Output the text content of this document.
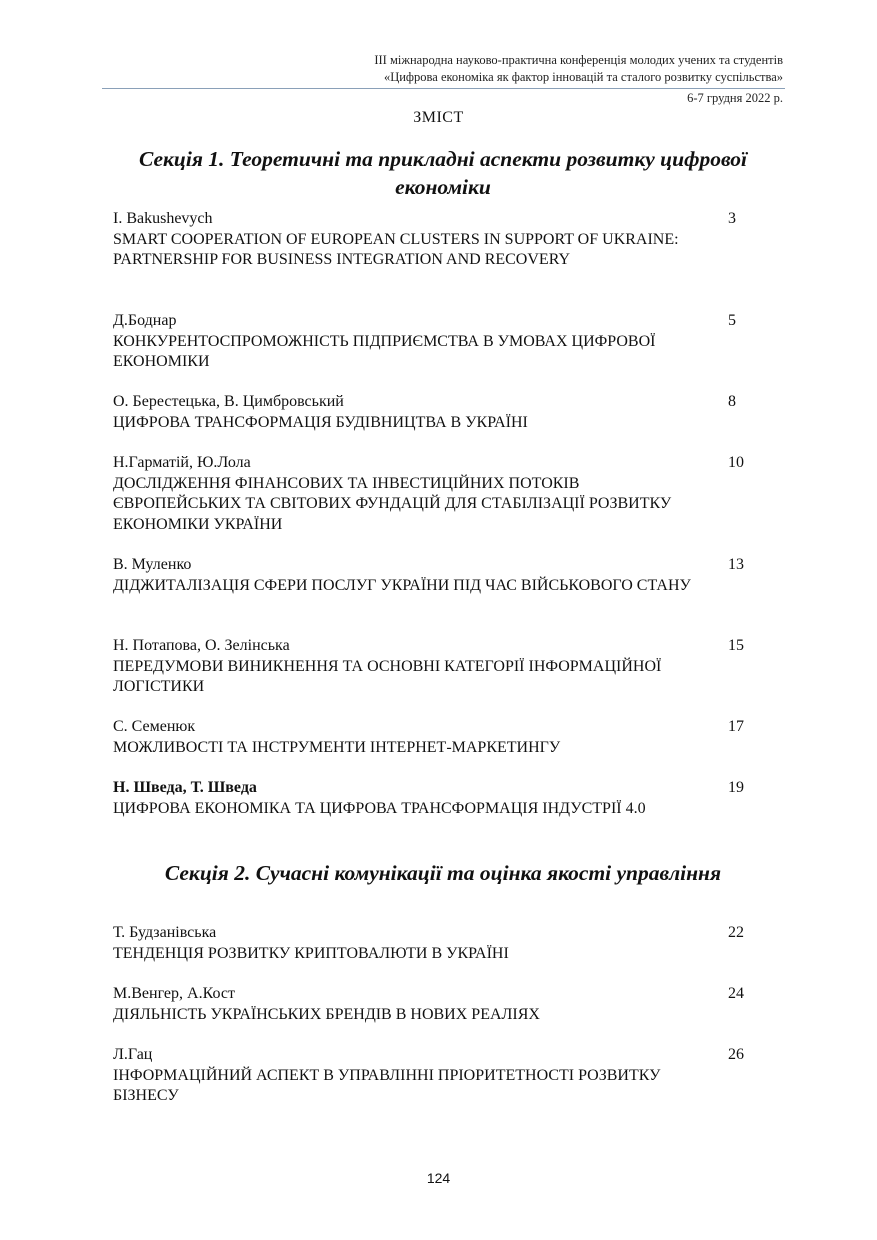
III міжнародна науково-практична конференція молодих учених та студентів
«Цифрова економіка як фактор інновацій та сталого розвитку суспільства»
6-7 грудня 2022 р.
ЗМІСТ
Секція 1. Теоретичні та прикладні аспекти розвитку цифрової
економіки
I. Bakushevych
SMART COOPERATION OF EUROPEAN CLUSTERS IN SUPPORT OF UKRAINE: PARTNERSHIP FOR BUSINESS INTEGRATION AND RECOVERY
3
Д.Боднар
КОНКУРЕНТОСПРОМОЖНІСТЬ ПІДПРИЄМСТВА В УМОВАХ ЦИФРОВОЇ ЕКОНОМІКИ
5
О. Берестецька, В. Цимбровський
ЦИФРОВА ТРАНСФОРМАЦІЯ БУДІВНИЦТВА В УКРАЇНІ
8
Н.Гарматій, Ю.Лола
ДОСЛІДЖЕННЯ ФІНАНСОВИХ ТА ІНВЕСТИЦІЙНИХ ПОТОКІВ ЄВРОПЕЙСЬКИХ ТА СВІТОВИХ ФУНДАЦІЙ ДЛЯ СТАБІЛІЗАЦІЇ РОЗВИТКУ ЕКОНОМІКИ УКРАЇНИ
10
В. Муленко
ДІДЖИТАЛІЗАЦІЯ СФЕРИ ПОСЛУГ УКРАЇНИ ПІД ЧАС ВІЙСЬКОВОГО СТАНУ
13
Н. Потапова, О. Зелінська
ПЕРЕДУМОВИ ВИНИКНЕННЯ ТА ОСНОВНІ КАТЕГОРІЇ ІНФОРМАЦІЙНОЇ ЛОГІСТИКИ
15
С. Семенюк
МОЖЛИВОСТІ ТА ІНСТРУМЕНТИ ІНТЕРНЕТ-МАРКЕТИНГУ
17
Н. Шведа, Т. Шведа
ЦИФРОВА ЕКОНОМІКА ТА ЦИФРОВА ТРАНСФОРМАЦІЯ ІНДУСТРІЇ 4.0
19
Секція 2. Сучасні комунікації та оцінка якості управління
Т. Будзанівська
ТЕНДЕНЦІЯ РОЗВИТКУ КРИПТОВАЛЮТИ В УКРАЇНІ
22
М.Венгер, А.Кост
ДІЯЛЬНІСТЬ УКРАЇНСЬКИХ БРЕНДІВ В НОВИХ РЕАЛІЯХ
24
Л.Гац
ІНФОРМАЦІЙНИЙ АСПЕКТ В УПРАВЛІННІ ПРІОРИТЕТНОСТІ РОЗВИТКУ БІЗНЕСУ
26
124
